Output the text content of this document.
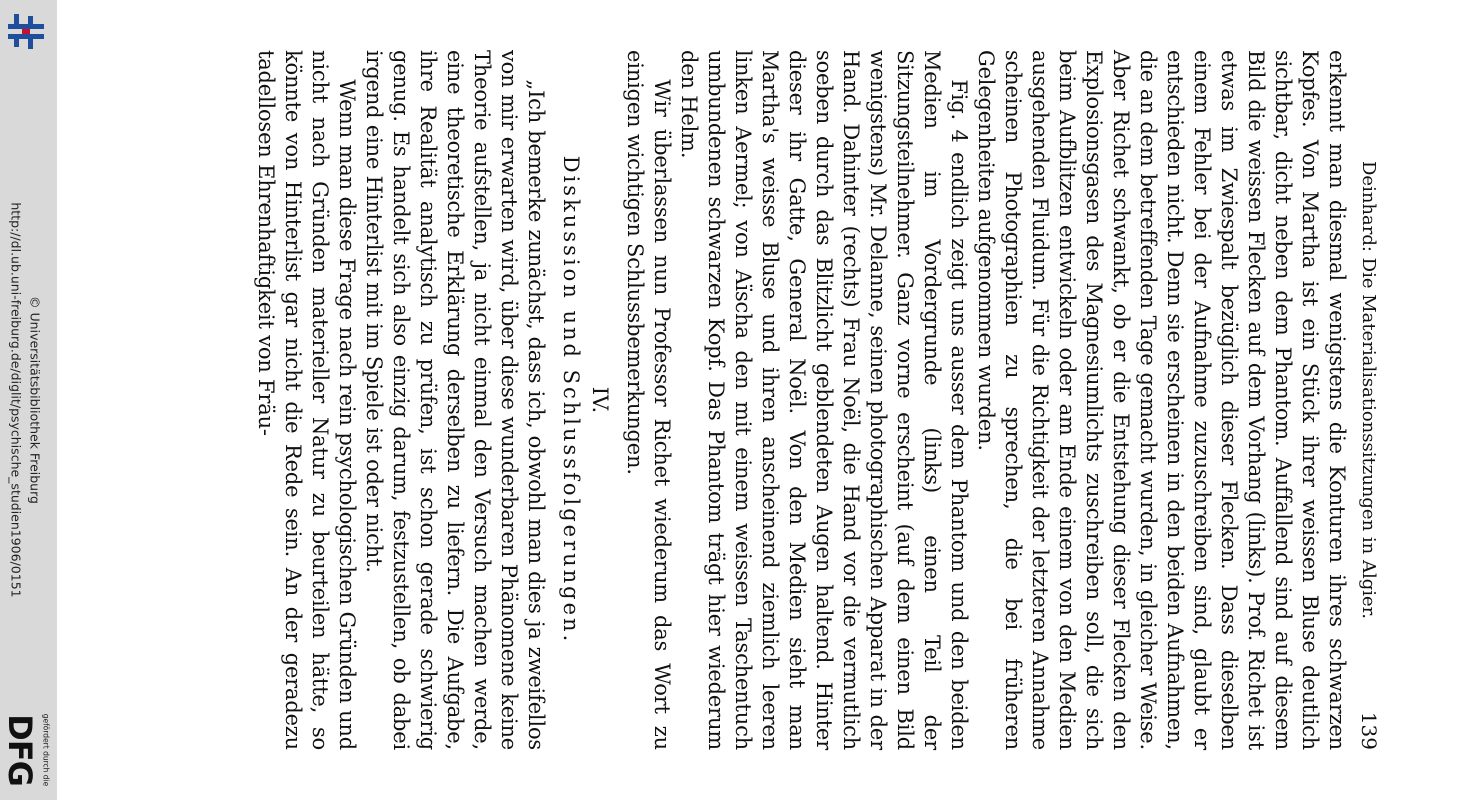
http://dl.ub.uni-freiburg.de/diglit/psychische_studien1906/0151 © Universitätsbibliothek Freiburg
gefördert durch die
DFG
Deinhard: Die Materialisationssitzungen in Algier.
139

erkennt man diesmal wenigstens die Konturen ihres schwarzen Kopfes. Von Martha ist ein Stück ihrer weissen Bluse deutlich sichtbar, dicht neben dem Phantom. Auffallend sind auf diesem Bild die weissen Flecken auf dem Vorhang (links). Prof. Richet ist etwas im Zwiespalt bezüglich dieser Flecken. Dass dieselben einem Fehler bei der Aufnahme zuzuschreiben sind, glaubt er entschieden nicht. Denn sie erscheinen in den beiden Aufnahmen, die an dem betreffenden Tage gemacht wurden, in gleicher Weise. Aber Richet schwankt, ob er die Entstehung dieser Flecken den Explosionsgasen des Magnesiumlichts zuschreiben soll, die sich beim Aufblitzen entwickeln oder am Ende einem von den Medien ausgehenden Fluidum. Für die Richtigkeit der letzteren Annahme scheinen Photographien zu sprechen, die bei früheren Gelegenheiten aufgenommen wurden.

Fig. 4 endlich zeigt uns ausser dem Phantom und den beiden Medien im Vordergrunde (links) einen Teil der Sitzungsteilnehmer. Ganz vorne erscheint (auf dem einen Bild wenigstens) Mr. Delanne, seinen photographischen Apparat in der Hand. Dahinter (rechts) Frau Noël, die Hand vor die vermutlich soeben durch das Blitzlicht geblendeten Augen haltend. Hinter dieser ihr Gatte, General Noël. Von den Medien sieht man Martha's weisse Bluse und ihren anscheinend ziemlich leeren linken Aermel; von Aïscha den mit einem weissen Taschentuch umbundenen schwarzen Kopf. Das Phantom trägt hier wiederum den Helm.

Wir überlassen nun Professor Richet wiederum das Wort zu einigen wichtigen Schlussbemerkungen.

IV.
Diskussion und Schlussfolgerungen.

„Ich bemerke zunächst, dass ich, obwohl man dies ja zweifellos von mir erwarten wird, über diese wunderbaren Phänomene keine Theorie aufstellen, ja nicht einmal den Versuch machen werde, eine theoretische Erklärung derselben zu liefern. Die Aufgabe, ihre Realität analytisch zu prüfen, ist schon gerade schwierig genug. Es handelt sich also einzig darum, festzustellen, ob dabei irgend eine Hinterlist mit im Spiele ist oder nicht.

Wenn man diese Frage nach rein psychologischen Gründen und nicht nach Gründen materieller Natur zu beurteilen hätte, so könnte von Hinterlist gar nicht die Rede sein. An der geradezu tadellosen Ehrenhaftigkeit von Fräu-
